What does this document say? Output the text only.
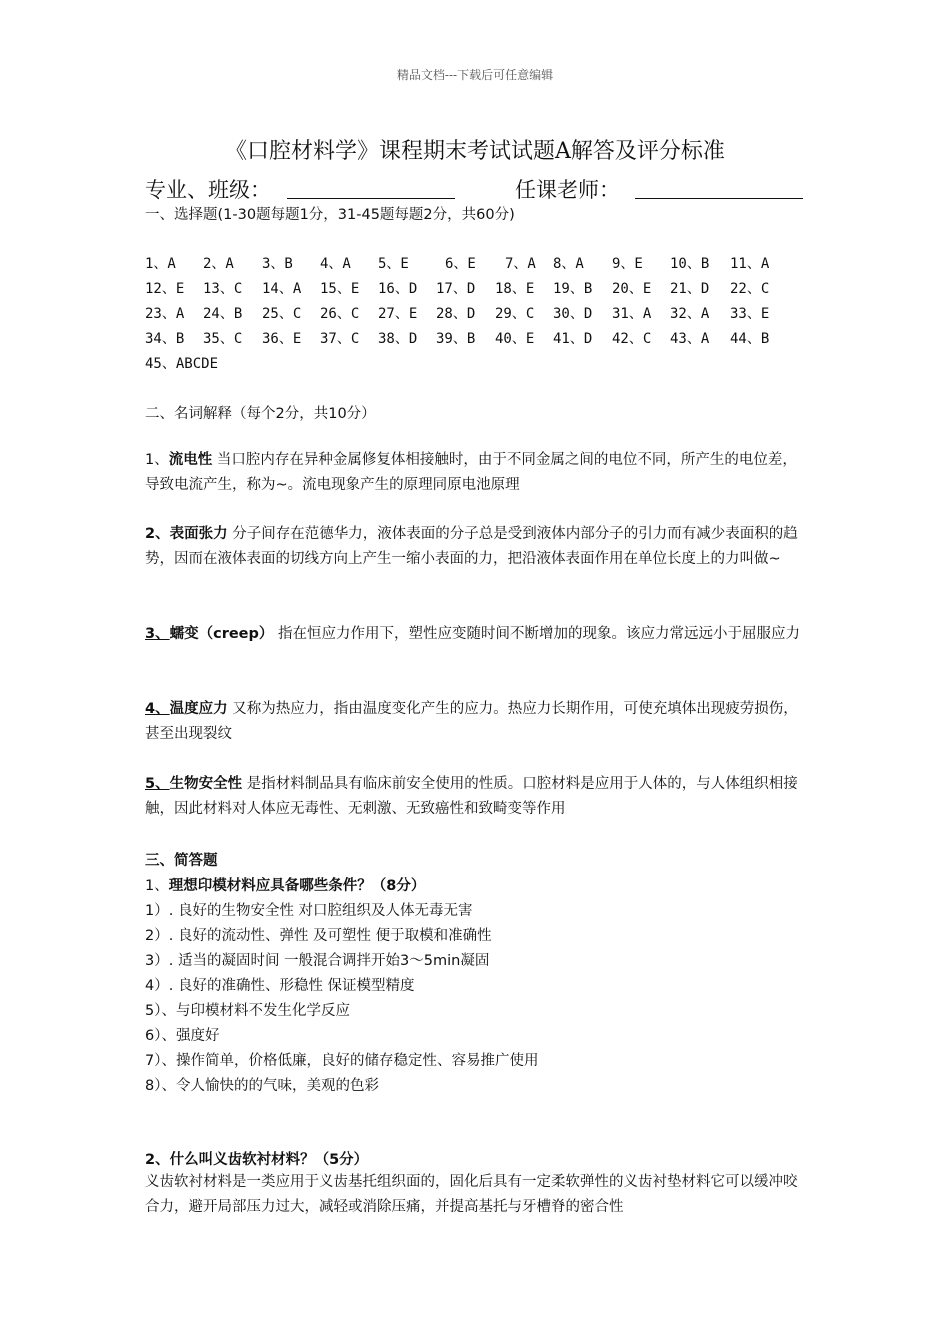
精品文档---下载后可任意编辑
《口腔材料学》课程期末考试试题A解答及评分标准
专业、班级：	任课老师：
一、选择题(1-30题每题1分，31-45题每题2分，共60分)
1、A 2、A 3、B 4、A 5、E	6、E 7、A 8、A 9、E 10、B 11、A
12、E 13、C 14、A 15、E 16、D 17、D 18、E 19、B 20、E 21、D 22、C
23、A 24、B 25、C 26、C 27、E 28、D 29、C 30、D 31、A 32、A 33、E
34、B 35、C 36、E 37、C 38、D 39、B 40、E 41、D 42、C 43、A 44、B
45、ABCDE
二、名词解释（每个2分，共10分）
1、流电性 当口腔内存在异种金属修复体相接触时，由于不同金属之间的电位不同，所产生的电位差，导致电流产生，称为~。流电现象产生的原理同原电池原理
2、表面张力 分子间存在范德华力，液体表面的分子总是受到液体内部分子的引力而有减少表面积的趋势，因而在液体表面的切线方向上产生一缩小表面的力，把沿液体表面作用在单位长度上的力叫做~
3、蠕变（creep） 指在恒应力作用下，塑性应变随时间不断增加的现象。该应力常远远小于屈服应力
4、温度应力 又称为热应力，指由温度变化产生的应力。热应力长期作用，可使充填体出现疲劳损伤，甚至出现裂纹
5、生物安全性 是指材料制品具有临床前安全使用的性质。口腔材料是应用于人体的，与人体组织相接触，因此材料对人体应无毒性、无刺激、无致癌性和致畸变等作用
三、简答题
1、理想印模材料应具备哪些条件？（8分）
1）. 良好的生物安全性 对口腔组织及人体无毒无害
2）. 良好的流动性、弹性 及可塑性 便于取模和准确性
3）. 适当的凝固时间 一般混合调拌开始3～5min凝固
4）. 良好的准确性、形稳性 保证模型精度
5）、与印模材料不发生化学反应
6）、强度好
7）、操作简单，价格低廉，良好的储存稳定性、容易推广使用
8）、令人愉快的的气味，美观的色彩
2、什么叫义齿软衬材料？（5分）
义齿软衬材料是一类应用于义齿基托组织面的，固化后具有一定柔软弹性的义齿衬垫材料它可以缓冲咬合力，避开局部压力过大，减轻或消除压痛，并提高基托与牙槽脊的密合性
